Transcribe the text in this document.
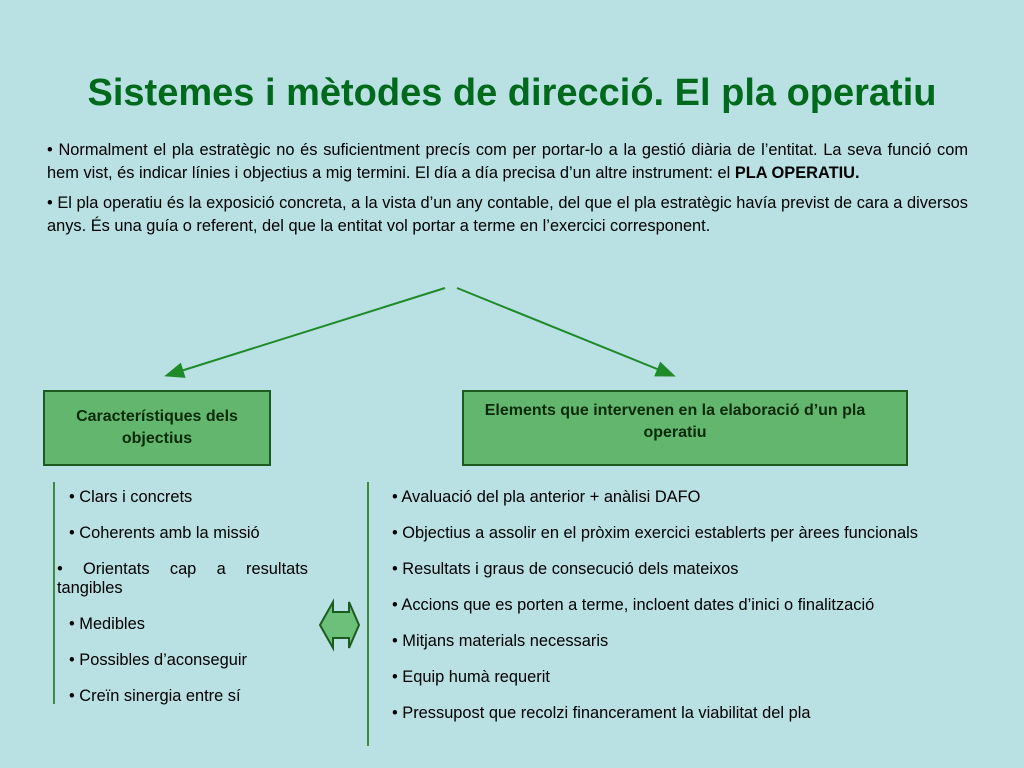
Sistemes i mètodes de direcció. El pla operatiu

• Normalment el pla estratègic no és suficientment precís com per portar-lo a la gestió diària de l’entitat. La seva funció com hem vist, és indicar línies i objectius a mig termini. El día a día precisa d’un altre instrument: el PLA OPERATIU.

• El pla operatiu és la exposició concreta, a la vista d’un any contable, del que el pla estratègic havía previst de cara a diversos anys. És una guía o referent, del que la entitat vol portar a terme en l’exercici corresponent.

Característiques dels objectius
Elements que intervenen en la elaboració d’un pla operatiu
• Clars i concrets
• Coherents amb la missió
• Orientats cap a resultats tangibles
• Medibles
• Possibles d’aconseguir
• Creïn sinergia entre sí
• Avaluació del pla anterior + anàlisi DAFO
• Objectius a assolir en el pròxim exercici establerts per àrees funcionals
• Resultats i graus de consecució dels mateixos
• Accions que es porten a terme, incloent dates d’inici o finalització
• Mitjans materials necessaris
• Equip humà requerit
• Pressupost que recolzi financerament la viabilitat del pla
